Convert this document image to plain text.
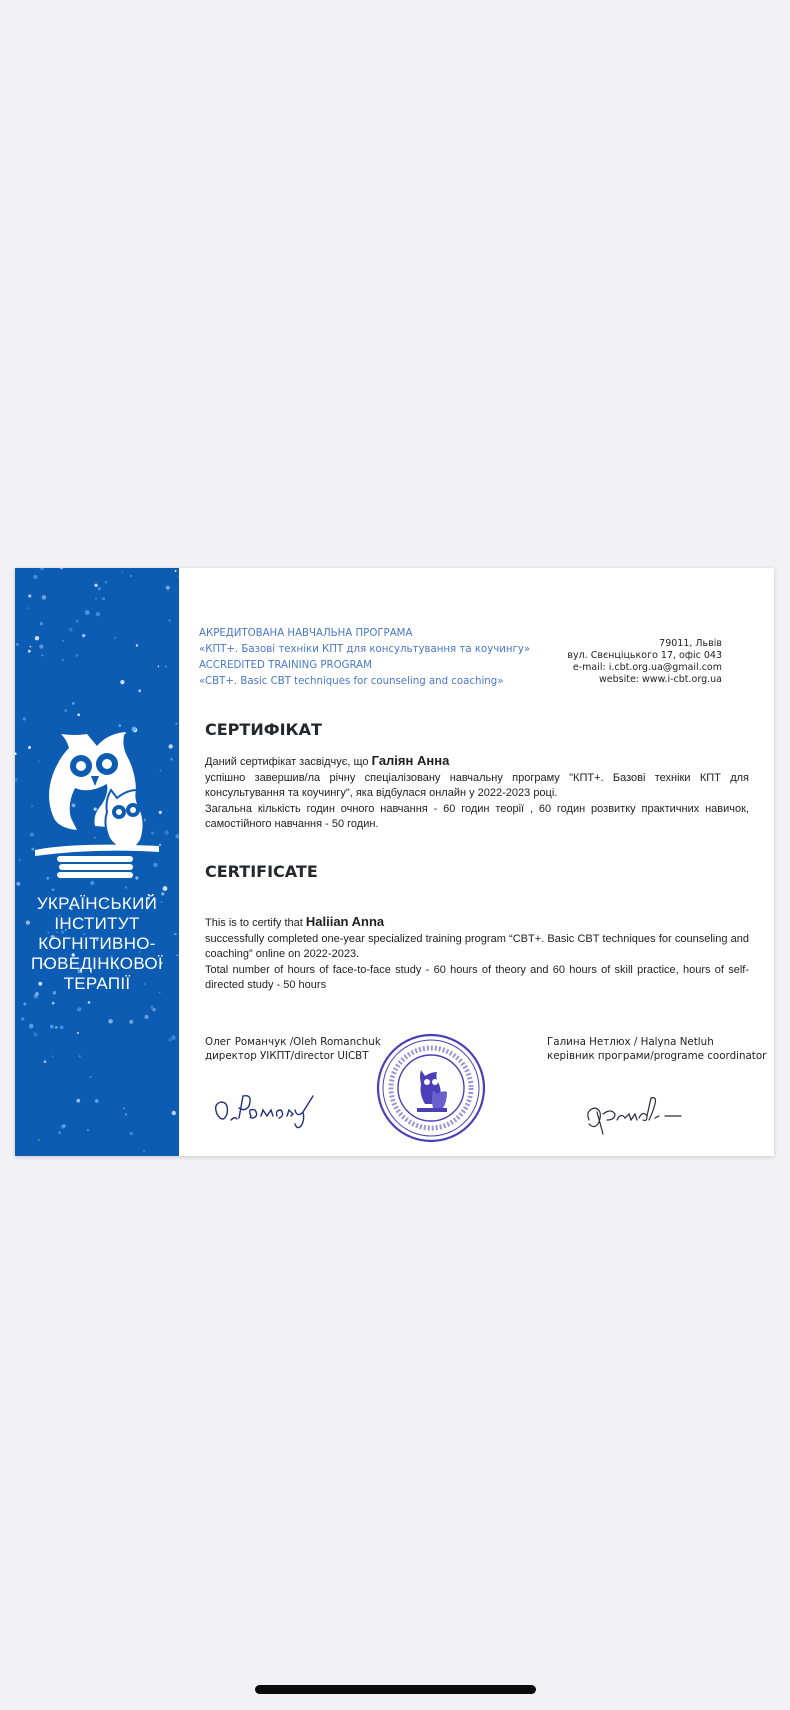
УКРАЇНСЬКИЙ
ІНСТИТУТ
КОГНІТИВНО-
ПОВЕДІНКОВОЇ
ТЕРАПІЇ
АКРЕДИТОВАНА НАВЧАЛЬНА ПРОГРАМА
«КПТ+. Базові техніки КПТ для консультування та коучингу»
ACCREDITED TRAINING PROGRAM
«CBT+. Basic CBT techniques for counseling and coaching»
79011, Львів
вул. Свєнціцького 17, офіс 043
e-mail: i.cbt.org.ua@gmail.com
website: www.i-cbt.org.ua
СЕРТИФІКАТ

Даний сертифікат засвідчує, що Галіян Анна

успішно завершив/ла річну спеціалізовану навчальну програму "КПТ+. Базові техніки КПТ для консультування та коучингу", яка відбулася онлайн у 2022-2023 році.

Загальна кількість годин очного навчання - 60 годин теорії , 60 годин розвитку практичних навичок, самостійного навчання - 50 годин.

CERTIFICATE

This is to certify that Haliian Anna

successfully completed one-year specialized training program “CBT+. Basic CBT techniques for counseling and coaching” online on 2022-2023.

Total number of hours of face-to-face study - 60 hours of theory and 60 hours of skill practice, hours of self-directed study - 50 hours

Олег Романчук /Oleh Romanchuk
директор УІКПТ/director UICBT
Галина Нетлюх / Halyna Netluh
керівник програми/programe coordinator
